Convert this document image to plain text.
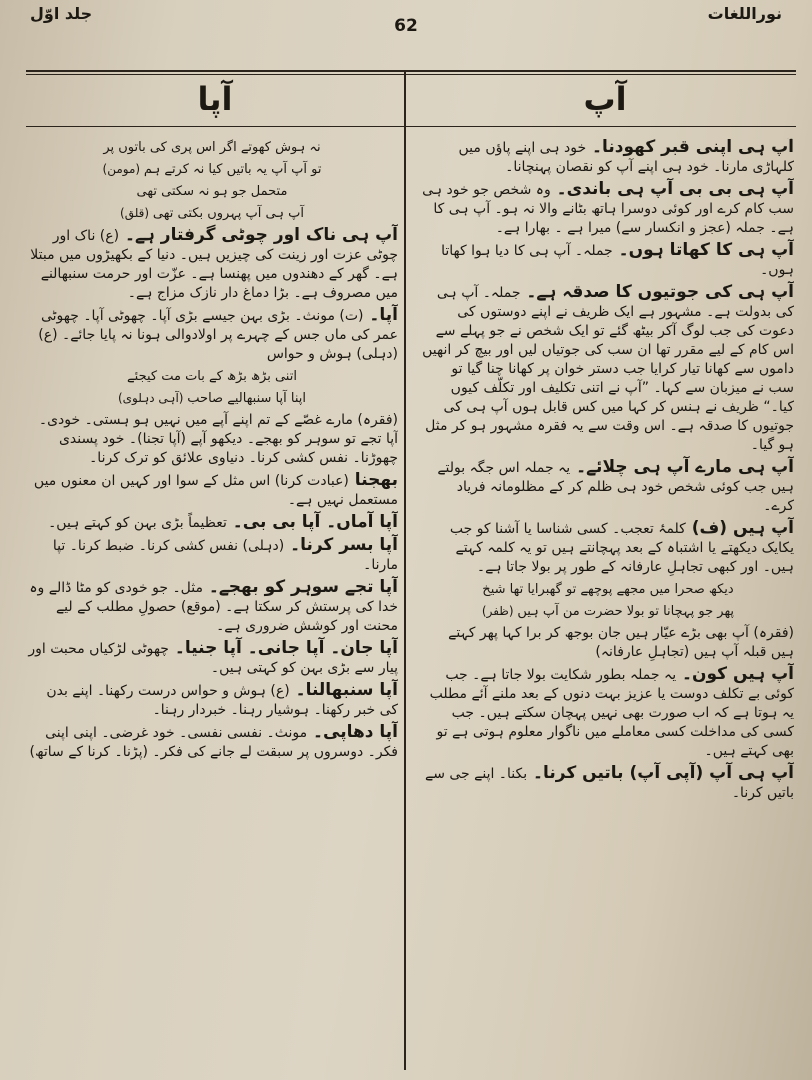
نوراللغات
62
جلد اوّل
آپ
آپا

آپ ہی اپنی قبر کھودنا۔ خود ہی اپنے پاؤں میں کلہاڑی مارنا۔ خود ہی اپنے آپ کو نقصان پہنچانا۔

آپ ہی بی بی آپ ہی باندی۔ وہ شخص جو خود ہی سب کام کرے اور کوئی دوسرا ہاتھ بٹانے والا نہ ہو۔ آپ ہی کا ہے۔ جملہ (عجز و انکسار سے) میرا ہے ۔ بھارا ہے۔

آپ ہی کا کھاتا ہوں۔ جملہ۔ آپ ہی کا دیا ہوا کھاتا ہوں۔

آپ ہی کی جوتیوں کا صدقہ ہے۔ جملہ۔ آپ ہی کی بدولت ہے۔ مشہور ہے ایک ظریف نے اپنے دوستوں کی دعوت کی جب لوگ آکر بیٹھ گئے تو ایک شخص نے جو پہلے سے اس کام کے لیے مقرر تھا ان سب کی جوتیاں لیں اور بیچ کر انھیں داموں سے کھانا تیار کرایا جب دستر خوان پر کھانا چنا گیا تو سب نے میزبان سے کہا۔ ”آپ نے اتنی تکلیف اور تکلّف کیوں کیا۔“ ظریف نے ہنس کر کہا میں کس قابل ہوں آپ ہی کی جوتیوں کا صدقہ ہے۔ اس وقت سے یہ فقرہ مشہور ہو کر مثل ہو گیا۔

آپ ہی مارے آپ ہی چلائے۔ یہ جملہ اس جگہ بولتے ہیں جب کوئی شخص خود ہی ظلم کر کے مظلومانہ فریاد کرے۔

آپ ہیں (ف) کلمۂ تعجب۔ کسی شناسا یا آشنا کو جب یکایک دیکھتے یا اشتباہ کے بعد پہچانتے ہیں تو یہ کلمہ کہتے ہیں۔ اور کبھی تجاہلِ عارفانہ کے طور پر بولا جاتا ہے۔

دیکھ صحرا میں مجھے پوچھے تو گھبرایا تھا شیخ
پھر جو پہچانا تو بولا حضرت من آپ ہیں (ظفر)

(فقرہ) آپ بھی بڑے عیّار ہیں جان بوجھ کر برا کہا پھر کہتے ہیں قبلہ آپ ہیں (تجاہلِ عارفانہ)

آپ ہیں کون۔ یہ جملہ بطور شکایت بولا جاتا ہے۔ جب کوئی بے تکلف دوست یا عزیز بہت دنوں کے بعد ملنے آئے مطلب یہ ہوتا ہے کہ اب صورت بھی نہیں پہچان سکتے ہیں۔ جب کسی کی مداخلت کسی معاملے میں ناگوار معلوم ہوتی ہے تو بھی کہتے ہیں۔

آپ ہی آپ (آپی آپ) باتیں کرنا۔ بکنا۔ اپنے جی سے باتیں کرنا۔

نہ ہوش کھوتے اگر اس پری کی باتوں پر
تو آپ آپ یہ باتیں کیا نہ کرتے ہم (مومن)
متحمل جو ہو نہ سکتی تھی
آپ ہی آپ پہروں بکتی تھی (قلق)

آپ ہی ناک اور چوٹی گرفتار ہے۔ (ع) ناک اور چوٹی عزت اور زینت کی چیزیں ہیں۔ دنیا کے بکھیڑوں میں مبتلا ہے۔ گھر کے دھندوں میں پھنسا ہے۔ عزّت اور حرمت سنبھالنے میں مصروف ہے۔ بڑا دماغ دار نازک مزاج ہے۔

آپا۔ (ت) مونث۔ بڑی بہن جیسے بڑی آپا۔ چھوٹی آپا۔ چھوٹی عمر کی ماں جس کے چہرے پر اولادوالی ہونا نہ پایا جائے۔ (ع) (دہلی) ہوش و حواس

اتنی بڑھ بڑھ کے بات مت کیجئے
اپنا آپا سنبھالیے صاحب (آہی دہلوی)

(فقرہ) مارے غصّے کے تم اپنے آپے میں نہیں ہو ہستی۔ خودی۔ آپا تجے تو سوہر کو بھجے۔ دیکھو آپے (آپا تجنا)۔ خود پسندی چھوڑنا۔ نفس کشی کرنا۔ دنیاوی علائق کو ترک کرنا۔

بھجنا (عبادت کرنا) اس مثل کے سوا اور کہیں ان معنوں میں مستعمل نہیں ہے۔

آپا آماں۔ آپا بی بی۔ تعظیماً بڑی بہن کو کہتے ہیں۔

آپا بسر کرنا۔ (دہلی) نفس کشی کرنا۔ ضبط کرنا۔ تپا مارنا۔

آپا تجے سوہر کو بھجے۔ مثل۔ جو خودی کو مٹا ڈالے وہ خدا کی پرستش کر سکتا ہے۔ (موقع) حصولِ مطلب کے لیے محنت اور کوشش ضروری ہے۔

آپا جان۔ آپا جانی۔ آپا جنیا۔ چھوٹی لڑکیاں محبت اور پیار سے بڑی بہن کو کہتی ہیں۔

آپا سنبھالنا۔ (ع) ہوش و حواس درست رکھنا۔ اپنے بدن کی خبر رکھنا۔ ہوشیار رہنا۔ خبردار رہنا۔

آپا دھاپی۔ مونث۔ نفسی نفسی۔ خود غرضی۔ اپنی اپنی فکر۔ دوسروں پر سبقت لے جانے کی فکر۔ (پڑنا۔ کرنا کے ساتھ)
